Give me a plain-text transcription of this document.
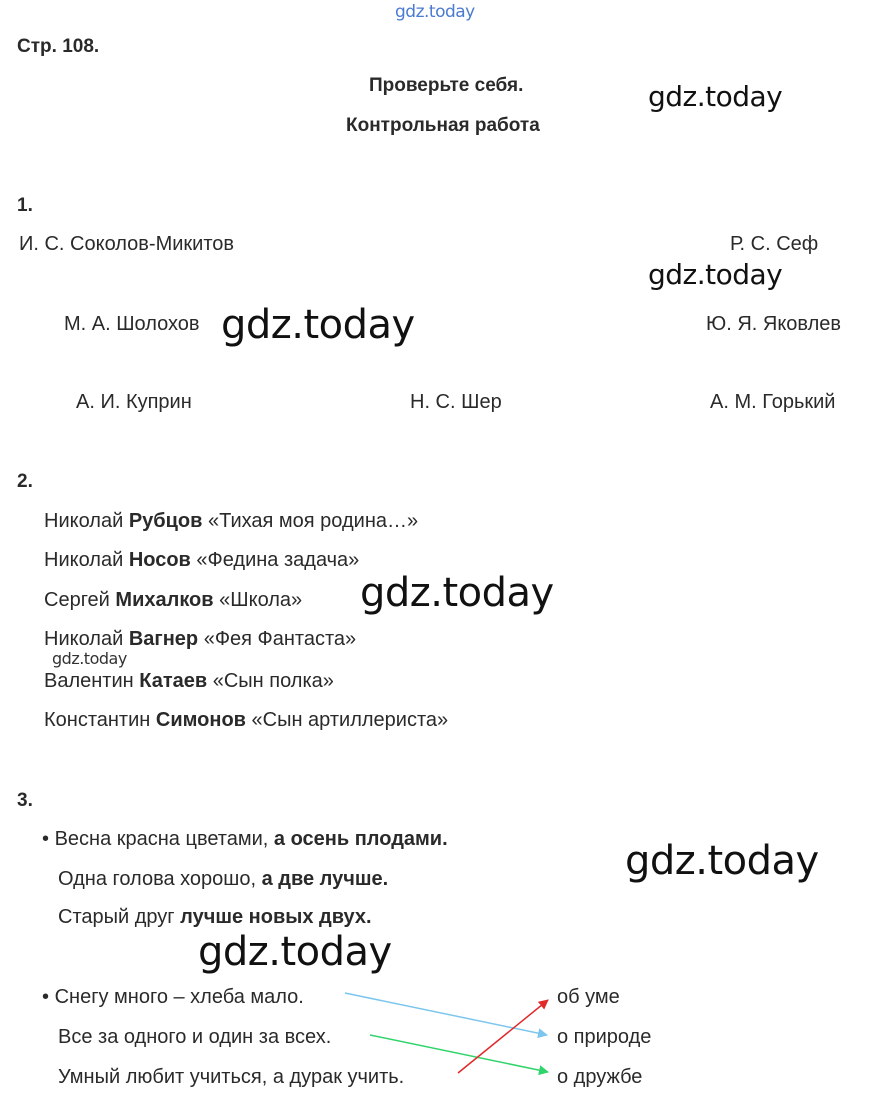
gdz.today
gdz.today
gdz.today
gdz.today
gdz.today
gdz.today
gdz.today
gdz.today
Стр. 108.
Проверьте себя.
Контрольная работа
1.
И. С. Соколов-Микитов	Р. С. Сеф
М. А. Шолохов	Ю. Я. Яковлев
А. И. Куприн	Н. С. Шер	А. М. Горький
2.
Николай Рубцов «Тихая моя родина…»
Николай Носов «Федина задача»
Сергей Михалков «Школа»
Николай Вагнер «Фея Фантаста»
Валентин Катаев «Сын полка»
Константин Симонов «Сын артиллериста»
3.
• Весна красна цветами, а осень плодами.
Одна голова хорошо, а две лучше.
Старый друг лучше новых двух.
• Снегу много – хлеба мало.
Все за одного и один за всех.
Умный любит учиться, а дурак учить.
об уме
о природе
о дружбе
